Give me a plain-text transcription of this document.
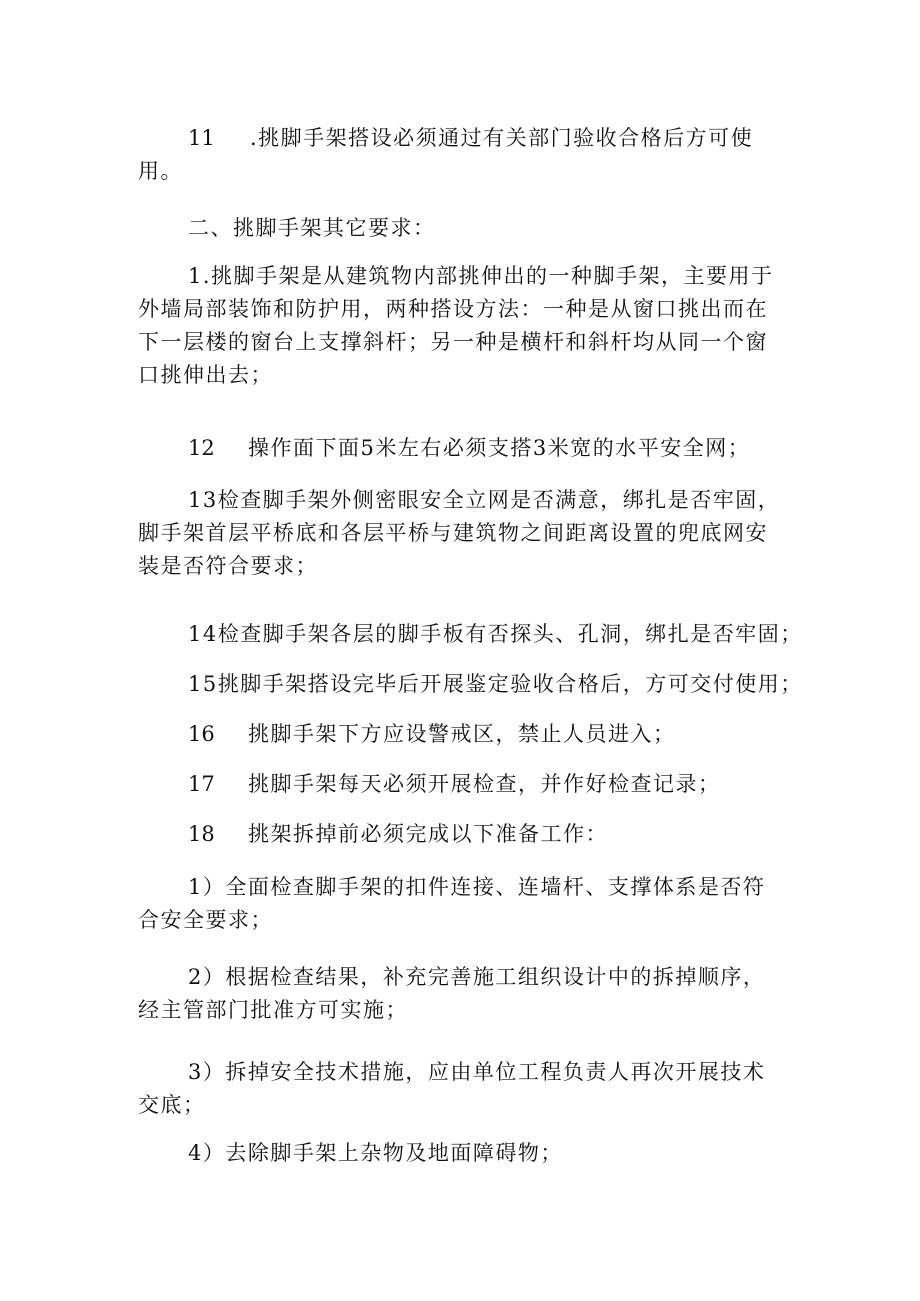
11 .挑脚手架搭设必须通过有关部门验收合格后方可使
用。
二、挑脚手架其它要求：
1.挑脚手架是从建筑物内部挑伸出的一种脚手架，主要用于
外墙局部装饰和防护用，两种搭设方法：一种是从窗口挑出而在
下一层楼的窗台上支撑斜杆；另一种是横杆和斜杆均从同一个窗
口挑伸出去；
12 操作面下面5米左右必须支搭3米宽的水平安全网；
13检查脚手架外侧密眼安全立网是否满意，绑扎是否牢固，
脚手架首层平桥底和各层平桥与建筑物之间距离设置的兜底网安
装是否符合要求；
14检查脚手架各层的脚手板有否探头、孔洞，绑扎是否牢固；
15挑脚手架搭设完毕后开展鉴定验收合格后，方可交付使用；
16 挑脚手架下方应设警戒区，禁止人员进入；
17 挑脚手架每天必须开展检查，并作好检查记录；
18 挑架拆掉前必须完成以下准备工作：
1）全面检查脚手架的扣件连接、连墙杆、支撑体系是否符
合安全要求；
2）根据检查结果，补充完善施工组织设计中的拆掉顺序，
经主管部门批准方可实施；
3）拆掉安全技术措施，应由单位工程负责人再次开展技术
交底；
4）去除脚手架上杂物及地面障碍物；
